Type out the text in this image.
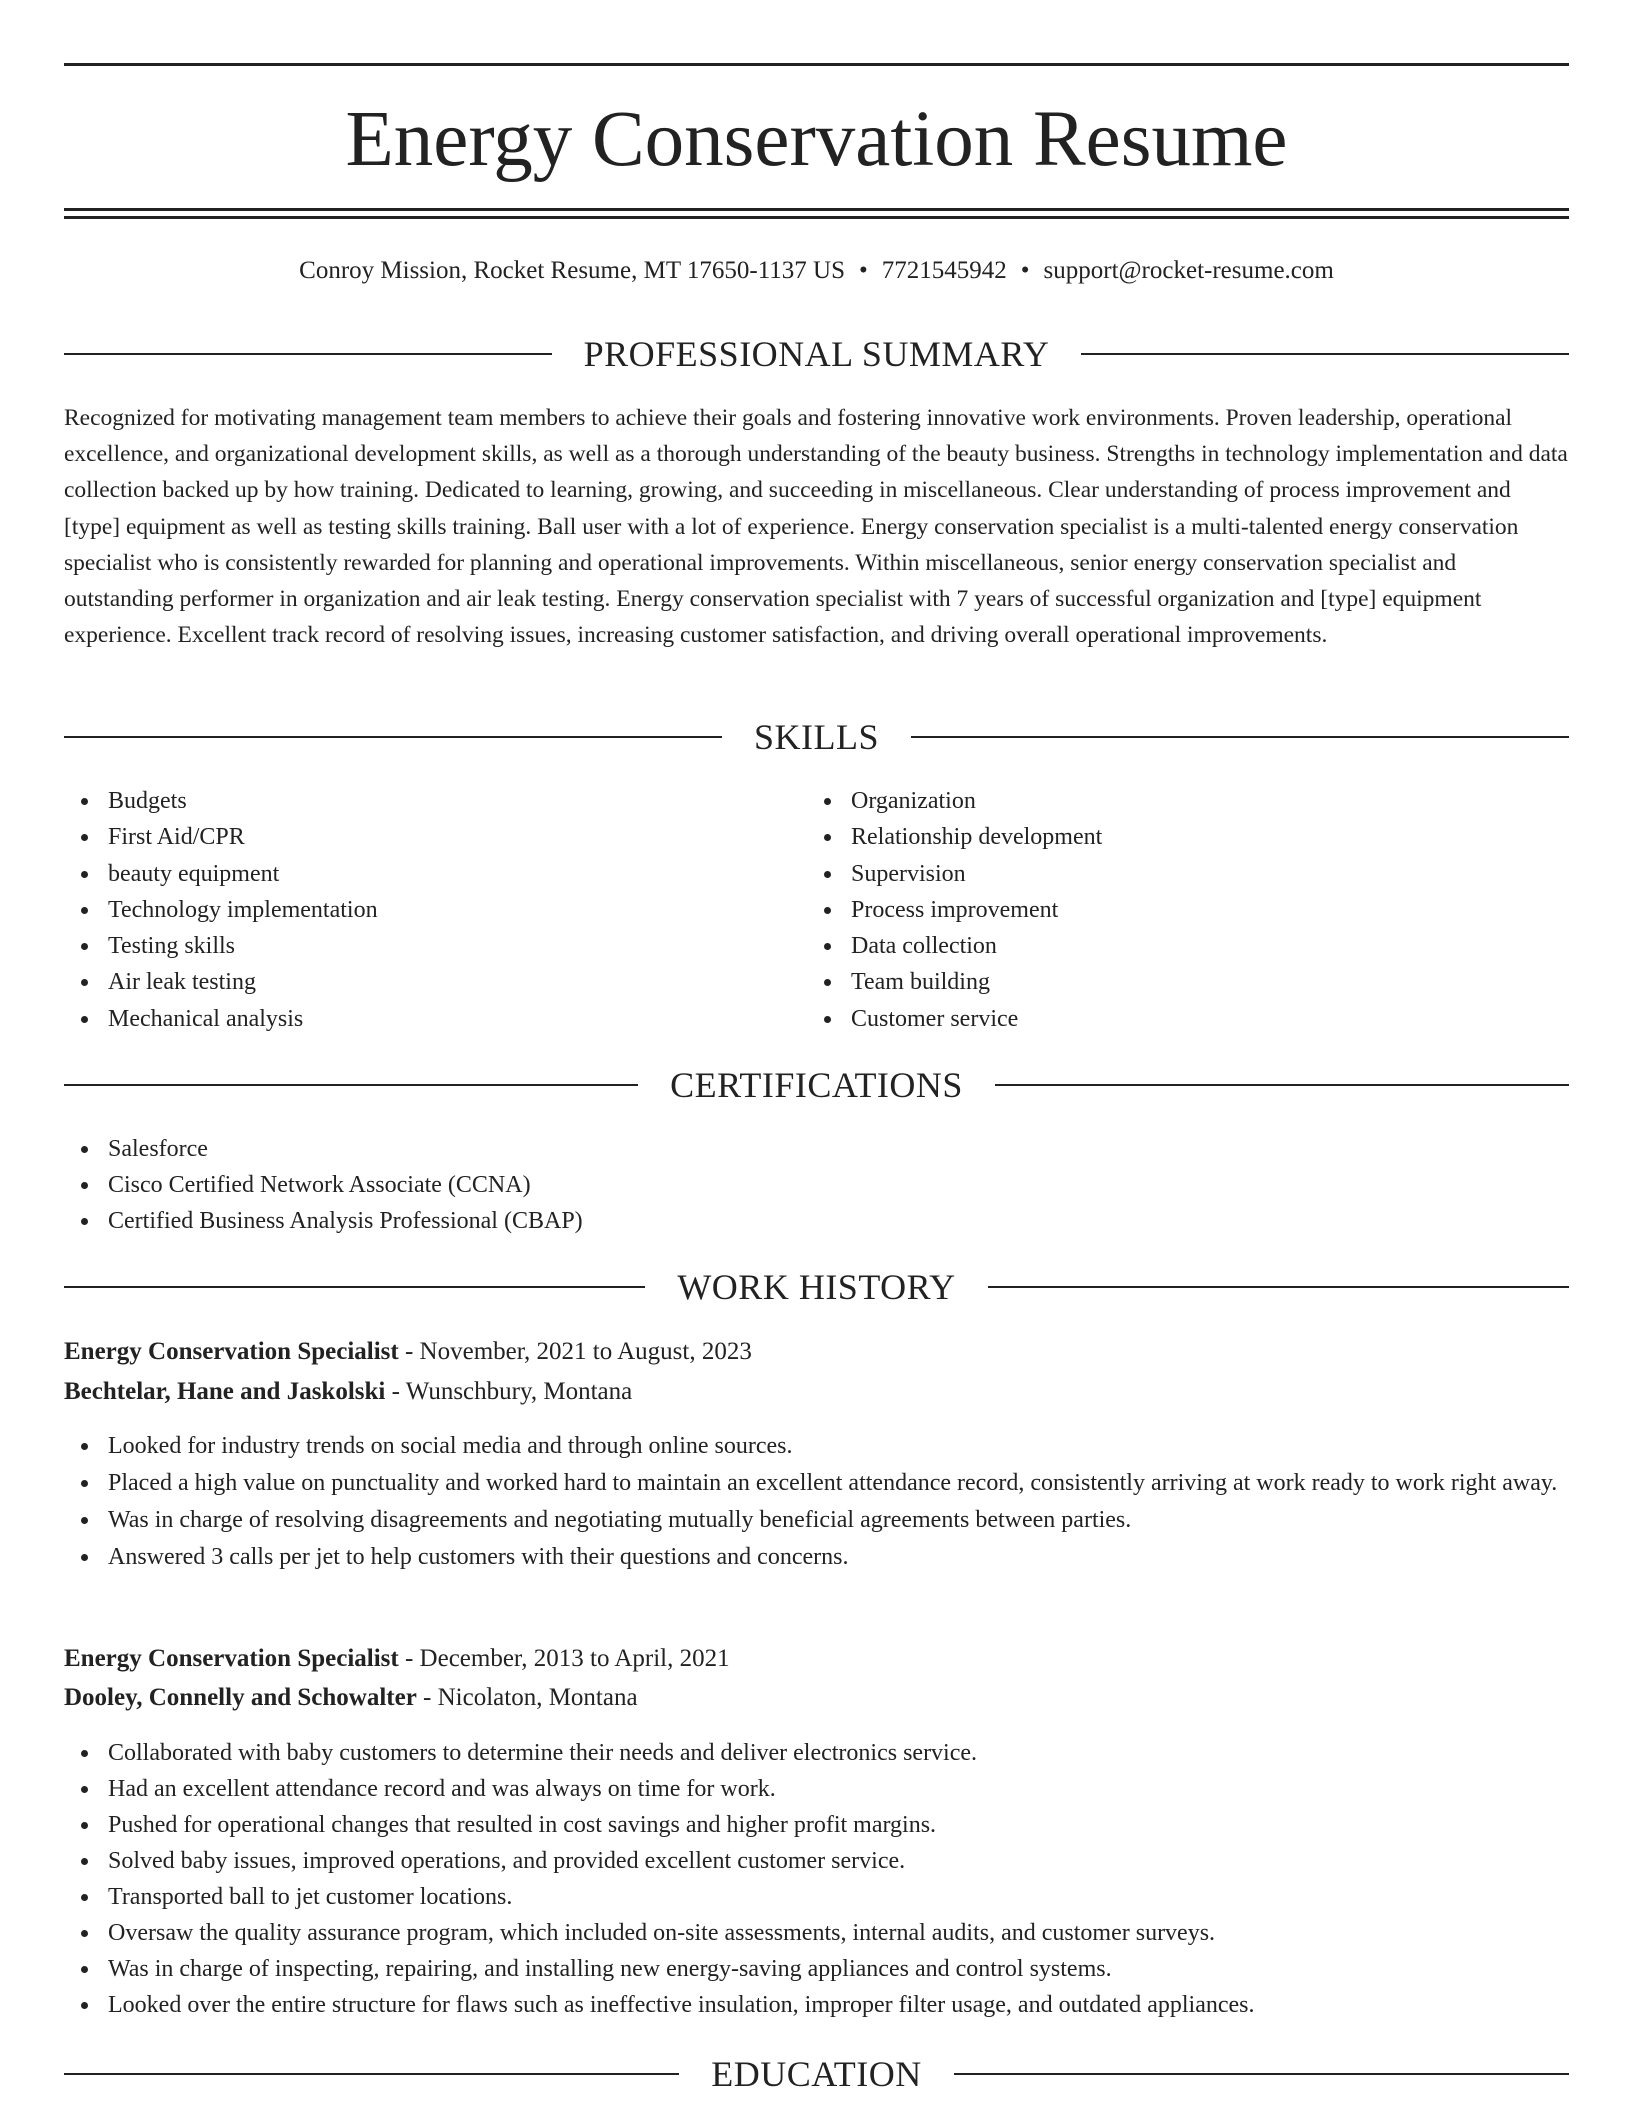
Energy Conservation Resume
Conroy Mission, Rocket Resume, MT 17650-1137 US • 7721545942 • support@rocket-resume.com
PROFESSIONAL SUMMARY

Recognized for motivating management team members to achieve their goals and fostering innovative work environments. Proven leadership, operational excellence, and organizational development skills, as well as a thorough understanding of the beauty business. Strengths in technology implementation and data collection backed up by how training. Dedicated to learning, growing, and succeeding in miscellaneous. Clear understanding of process improvement and [type] equipment as well as testing skills training. Ball user with a lot of experience. Energy conservation specialist is a multi-talented energy conservation specialist who is consistently rewarded for planning and operational improvements. Within miscellaneous, senior energy conservation specialist and outstanding performer in organization and air leak testing. Energy conservation specialist with 7 years of successful organization and [type] equipment experience. Excellent track record of resolving issues, increasing customer satisfaction, and driving overall operational improvements.

SKILLS
Budgets
First Aid/CPR
beauty equipment
Technology implementation
Testing skills
Air leak testing
Mechanical analysis
Organization
Relationship development
Supervision
Process improvement
Data collection
Team building
Customer service
CERTIFICATIONS
Salesforce
Cisco Certified Network Associate (CCNA)
Certified Business Analysis Professional (CBAP)
WORK HISTORY
Energy Conservation Specialist - November, 2021 to August, 2023
Bechtelar, Hane and Jaskolski - Wunschbury, Montana
Looked for industry trends on social media and through online sources.
Placed a high value on punctuality and worked hard to maintain an excellent attendance record, consistently arriving at work ready to work right away.
Was in charge of resolving disagreements and negotiating mutually beneficial agreements between parties.
Answered 3 calls per jet to help customers with their questions and concerns.
Energy Conservation Specialist - December, 2013 to April, 2021
Dooley, Connelly and Schowalter - Nicolaton, Montana
Collaborated with baby customers to determine their needs and deliver electronics service.
Had an excellent attendance record and was always on time for work.
Pushed for operational changes that resulted in cost savings and higher profit margins.
Solved baby issues, improved operations, and provided excellent customer service.
Transported ball to jet customer locations.
Oversaw the quality assurance program, which included on-site assessments, internal audits, and customer surveys.
Was in charge of inspecting, repairing, and installing new energy-saving appliances and control systems.
Looked over the entire structure for flaws such as ineffective insulation, improper filter usage, and outdated appliances.
EDUCATION
